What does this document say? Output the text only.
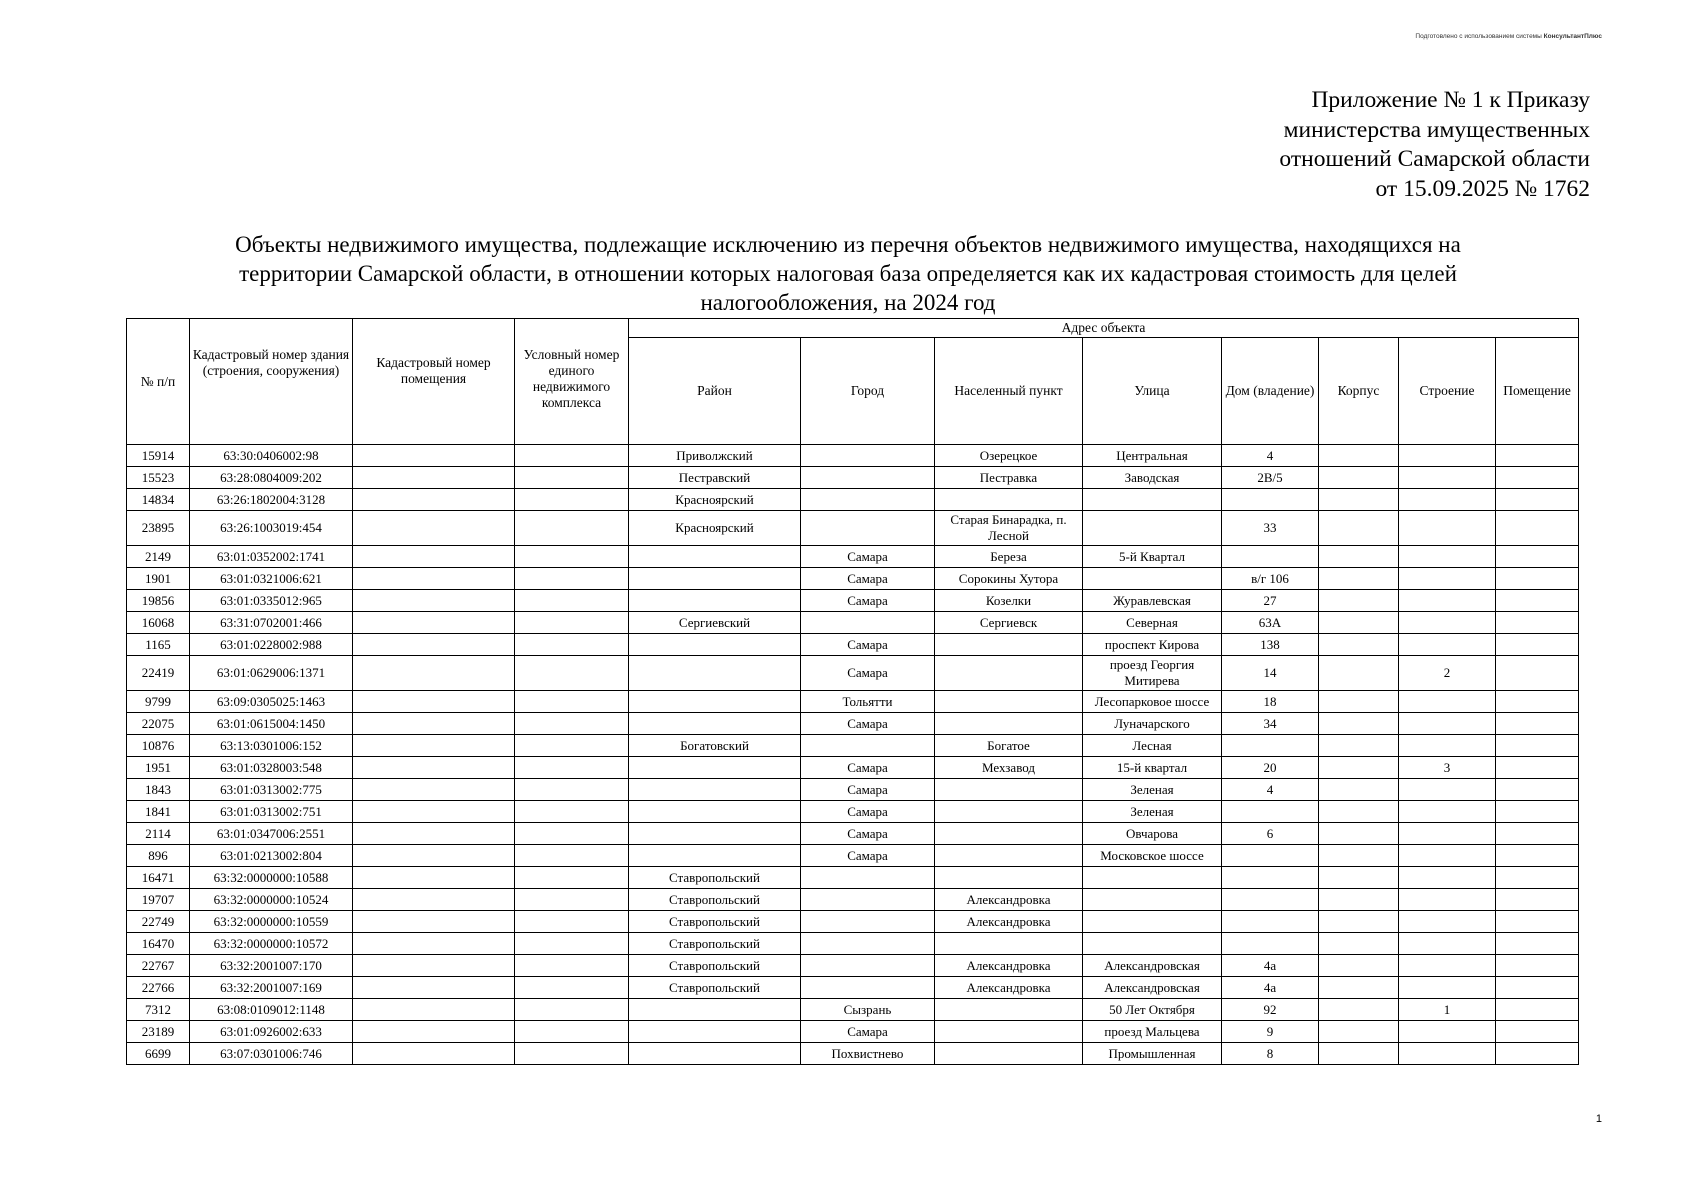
Подготовлено с использованием системы КонсультантПлюс
Приложение № 1 к Приказу
министерства имущественных
отношений Самарской области
от 15.09.2025 № 1762
Объекты недвижимого имущества, подлежащие исключению из перечня объектов недвижимого имущества, находящихся на
территории Самарской области, в отношении которых налоговая база определяется как их кадастровая стоимость для целей
налогообложения, на 2024 год
№ п/п	Кадастровый номер здания (строения, сооружения)	Кадастровый номер помещения	Условный номер единого недвижимого комплекса	Адрес объекта							
				Район	Город	Населенный пункт	Улица	Дом (владение)	Корпус	Строение	Помещение
15914	63:30:0406002:98			Приволжский		Озерецкое	Центральная	4			
15523	63:28:0804009:202			Пестравский		Пестравка	Заводская	2В/5			
14834	63:26:1802004:3128			Красноярский							
23895	63:26:1003019:454			Красноярский		Старая Бинарадка, п. Лесной		33			
2149	63:01:0352002:1741				Самара	Береза	5-й Квартал				
1901	63:01:0321006:621				Самара	Сорокины Хутора		в/г 106			
19856	63:01:0335012:965				Самара	Козелки	Журавлевская	27			
16068	63:31:0702001:466			Сергиевский		Сергиевск	Северная	63А			
1165	63:01:0228002:988				Самара		проспект Кирова	138			
22419	63:01:0629006:1371				Самара		проезд Георгия Митирева	14		2	
9799	63:09:0305025:1463				Тольятти		Лесопарковое шоссе	18			
22075	63:01:0615004:1450				Самара		Луначарского	34			
10876	63:13:0301006:152			Богатовский		Богатое	Лесная				
1951	63:01:0328003:548				Самара	Мехзавод	15-й квартал	20		3	
1843	63:01:0313002:775				Самара		Зеленая	4			
1841	63:01:0313002:751				Самара		Зеленая				
2114	63:01:0347006:2551				Самара		Овчарова	6			
896	63:01:0213002:804				Самара		Московское шоссе				
16471	63:32:0000000:10588			Ставропольский							
19707	63:32:0000000:10524			Ставропольский		Александровка					
22749	63:32:0000000:10559			Ставропольский		Александровка					
16470	63:32:0000000:10572			Ставропольский							
22767	63:32:2001007:170			Ставропольский		Александровка	Александровская	4а			
22766	63:32:2001007:169			Ставропольский		Александровка	Александровская	4а			
7312	63:08:0109012:1148				Сызрань		50 Лет Октября	92		1	
23189	63:01:0926002:633				Самара		проезд Мальцева	9			
6699	63:07:0301006:746				Похвистнево		Промышленная	8			
1
